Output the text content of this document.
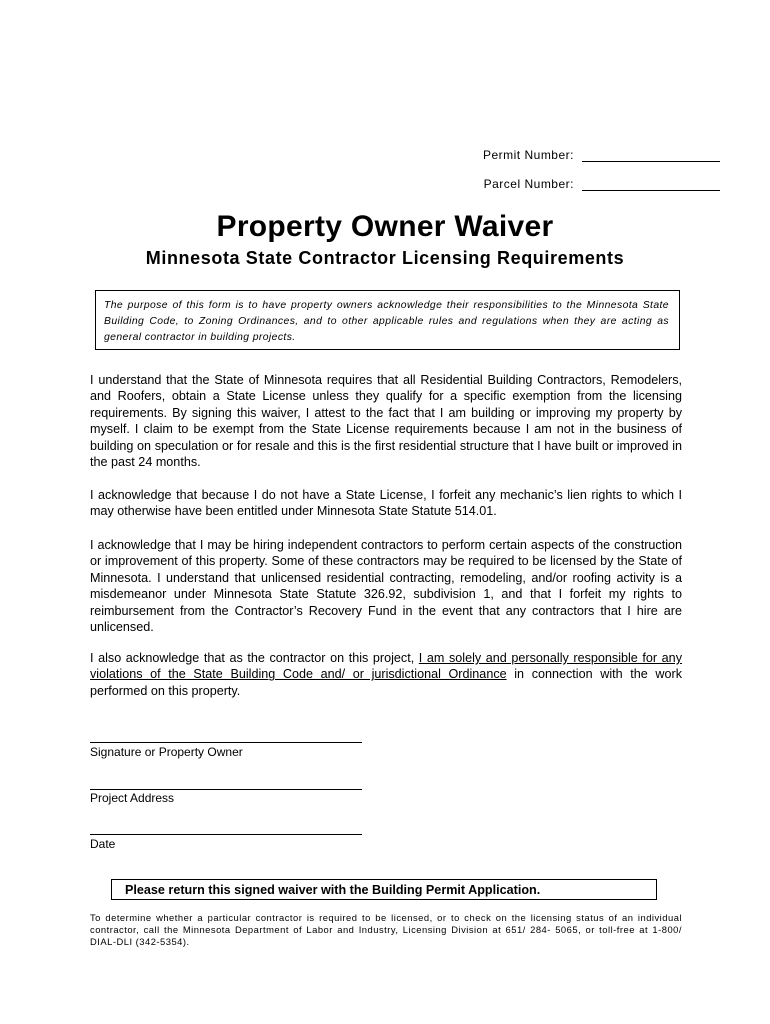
Permit Number:
Parcel Number:
Property Owner Waiver
Minnesota State Contractor Licensing Requirements
The purpose of this form is to have property owners acknowledge their responsibilities to the Minnesota State Building Code, to Zoning Ordinances, and to other applicable rules and regulations when they are acting as general contractor in building projects.
I understand that the State of Minnesota requires that all Residential Building Contractors, Remodelers, and Roofers, obtain a State License unless they qualify for a specific exemption from the licensing requirements. By signing this waiver, I attest to the fact that I am building or improving my property by myself. I claim to be exempt from the State License requirements because I am not in the business of building on speculation or for resale and this is the first residential structure that I have built or improved in the past 24 months.
I acknowledge that because I do not have a State License, I forfeit any mechanic’s lien rights to which I may otherwise have been entitled under Minnesota State Statute 514.01.
I acknowledge that I may be hiring independent contractors to perform certain aspects of the construction or improvement of this property. Some of these contractors may be required to be licensed by the State of Minnesota. I understand that unlicensed residential contracting, remodeling, and/or roofing activity is a misdemeanor under Minnesota State Statute 326.92, subdivision 1, and that I forfeit my rights to reimbursement from the Contractor’s Recovery Fund in the event that any contractors that I hire are unlicensed.
I also acknowledge that as the contractor on this project, I am solely and personally responsible for any violations of the State Building Code and/ or jurisdictional Ordinance in connection with the work performed on this property.
Signature or Property Owner
Project Address
Date
Please return this signed waiver with the Building Permit Application.
To determine whether a particular contractor is required to be licensed, or to check on the licensing status of an individual contractor, call the Minnesota Department of Labor and Industry, Licensing Division at 651/ 284- 5065, or toll-free at 1-800/ DIAL-DLI (342-5354).
